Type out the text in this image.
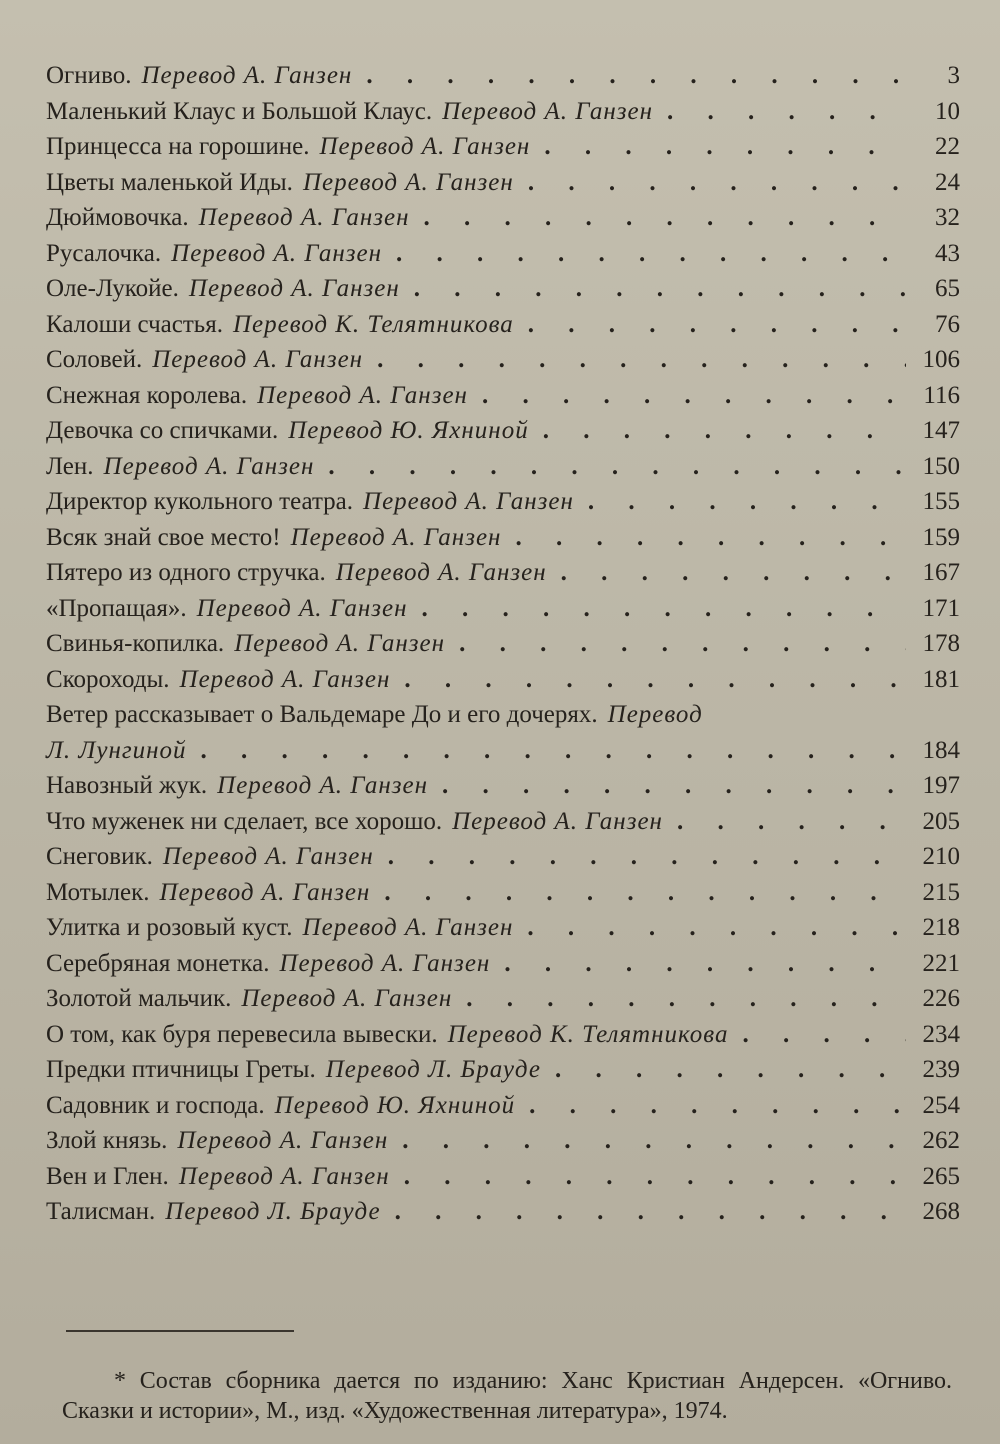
Огниво. Перевод А. Ганзен . . .	3
Маленький Клаус и Большой Клаус. Перевод А. Ганзен . . .	10
Принцесса на горошине. Перевод А. Ганзен . . .	22
Цветы маленькой Иды. Перевод А. Ганзен . . .	24
Дюймовочка. Перевод А. Ганзен . . .	32
Русалочка. Перевод А. Ганзен . . .	43
Оле-Лукойе. Перевод А. Ганзен . . .	65
Калоши счастья. Перевод К. Телятникова . . .	76
Соловей. Перевод А. Ганзен . . .	106
Снежная королева. Перевод А. Ганзен . . .	116
Девочка со спичками. Перевод Ю. Яхниной . . .	147
Лен. Перевод А. Ганзен . . .	150
Директор кукольного театра. Перевод А. Ганзен . . .	155
Всяк знай свое место! Перевод А. Ганзен . . .	159
Пятеро из одного стручка. Перевод А. Ганзен . . .	167
«Пропащая». Перевод А. Ганзен . . .	171
Свинья-копилка. Перевод А. Ганзен . . .	178
Скороходы. Перевод А. Ганзен . . .	181
Ветер рассказывает о Вальдемаре До и его дочерях. Перевод
Л. Лунгиной . . .	184
Навозный жук. Перевод А. Ганзен . . .	197
Что муженек ни сделает, все хорошо. Перевод А. Ганзен . . .	205
Снеговик. Перевод А. Ганзен . . .	210
Мотылек. Перевод А. Ганзен . . .	215
Улитка и розовый куст. Перевод А. Ганзен . . .	218
Серебряная монетка. Перевод А. Ганзен . . .	221
Золотой мальчик. Перевод А. Ганзен . . .	226
О том, как буря перевесила вывески. Перевод К. Телятникова . . .	234
Предки птичницы Греты. Перевод Л. Брауде . . .	239
Садовник и господа. Перевод Ю. Яхниной . . .	254
Злой князь. Перевод А. Ганзен . . .	262
Вен и Глен. Перевод А. Ганзен . . .	265
Талисман. Перевод Л. Брауде . . .	268

* Состав сборника дается по изданию: Ханс Кристиан Андерсен. «Огниво. Сказки и истории», М., изд. «Художественная литература», 1974.
